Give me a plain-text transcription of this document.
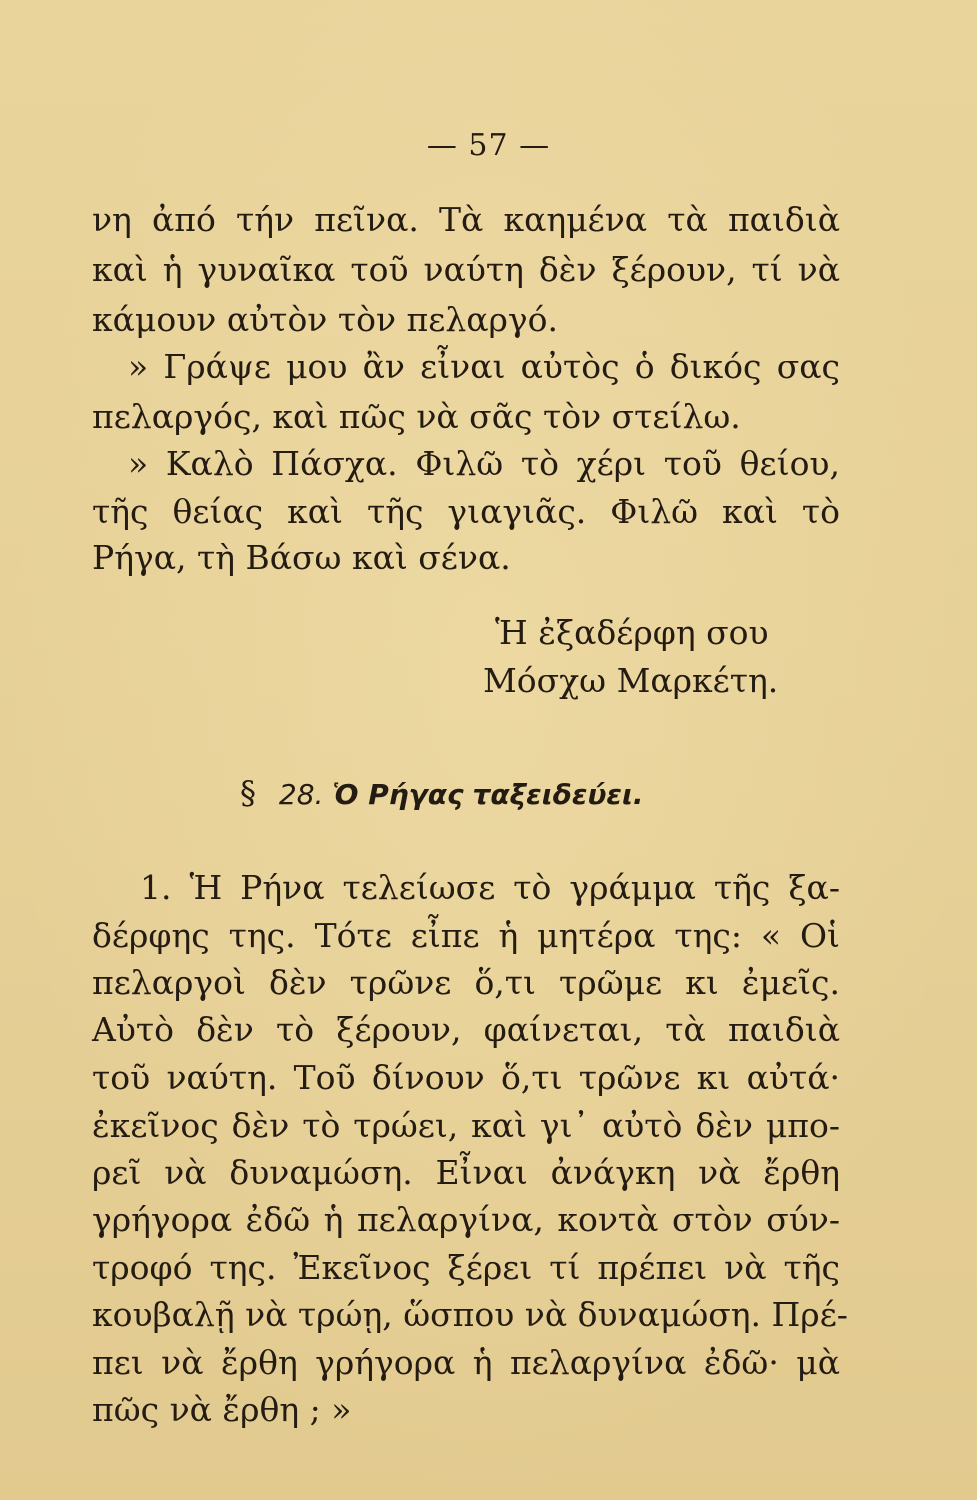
— 57 —
νη ἀπό τήν πεῖνα. Τὰ καημένα τὰ παιδιὰ
καὶ ἡ γυναῖκα τοῦ ναύτη δὲν ξέρουν, τί νὰ
κάμουν αὐτὸν τὸν πελαργό.
» Γράψε μου ἂν εἶναι αὐτὸς ὁ δικός σας
πελαργός, καὶ πῶς νὰ σᾶς τὸν στείλω.
» Καλὸ Πάσχα. Φιλῶ τὸ χέρι τοῦ θείου,
τῆς θείας καὶ τῆς γιαγιᾶς. Φιλῶ καὶ τὸ
Ρήγα, τὴ Βάσω καὶ σένα.
Ἡ ἐξαδέρφη σου
Μόσχω Μαρκέτη.
§ 28. Ὁ Ρήγας ταξειδεύει.
1. Ἡ Ρήνα τελείωσε τὸ γράμμα τῆς ξα-
δέρφης της. Τότε εἶπε ἡ μητέρα της: « Οἱ
πελαργοὶ δὲν τρῶνε ὅ,τι τρῶμε κι ἐμεῖς.
Αὐτὸ δὲν τὸ ξέρουν, φαίνεται, τὰ παιδιὰ
τοῦ ναύτη. Τοῦ δίνουν ὅ,τι τρῶνε κι αὐτά·
ἐκεῖνος δὲν τὸ τρώει, καὶ γι᾽ αὐτὸ δὲν μπο-
ρεῖ νὰ δυναμώση. Εἶναι ἀνάγκη νὰ ἔρθη
γρήγορα ἐδῶ ἡ πελαργίνα, κοντὰ στὸν σύν-
τροφό της. Ἐκεῖνος ξέρει τί πρέπει νὰ τῆς
κουβαλῇ νὰ τρώῃ, ὥσπου νὰ δυναμώση. Πρέ-
πει νὰ ἔρθη γρήγορα ἡ πελαργίνα ἐδῶ· μὰ
πῶς νὰ ἔρθη ; »
